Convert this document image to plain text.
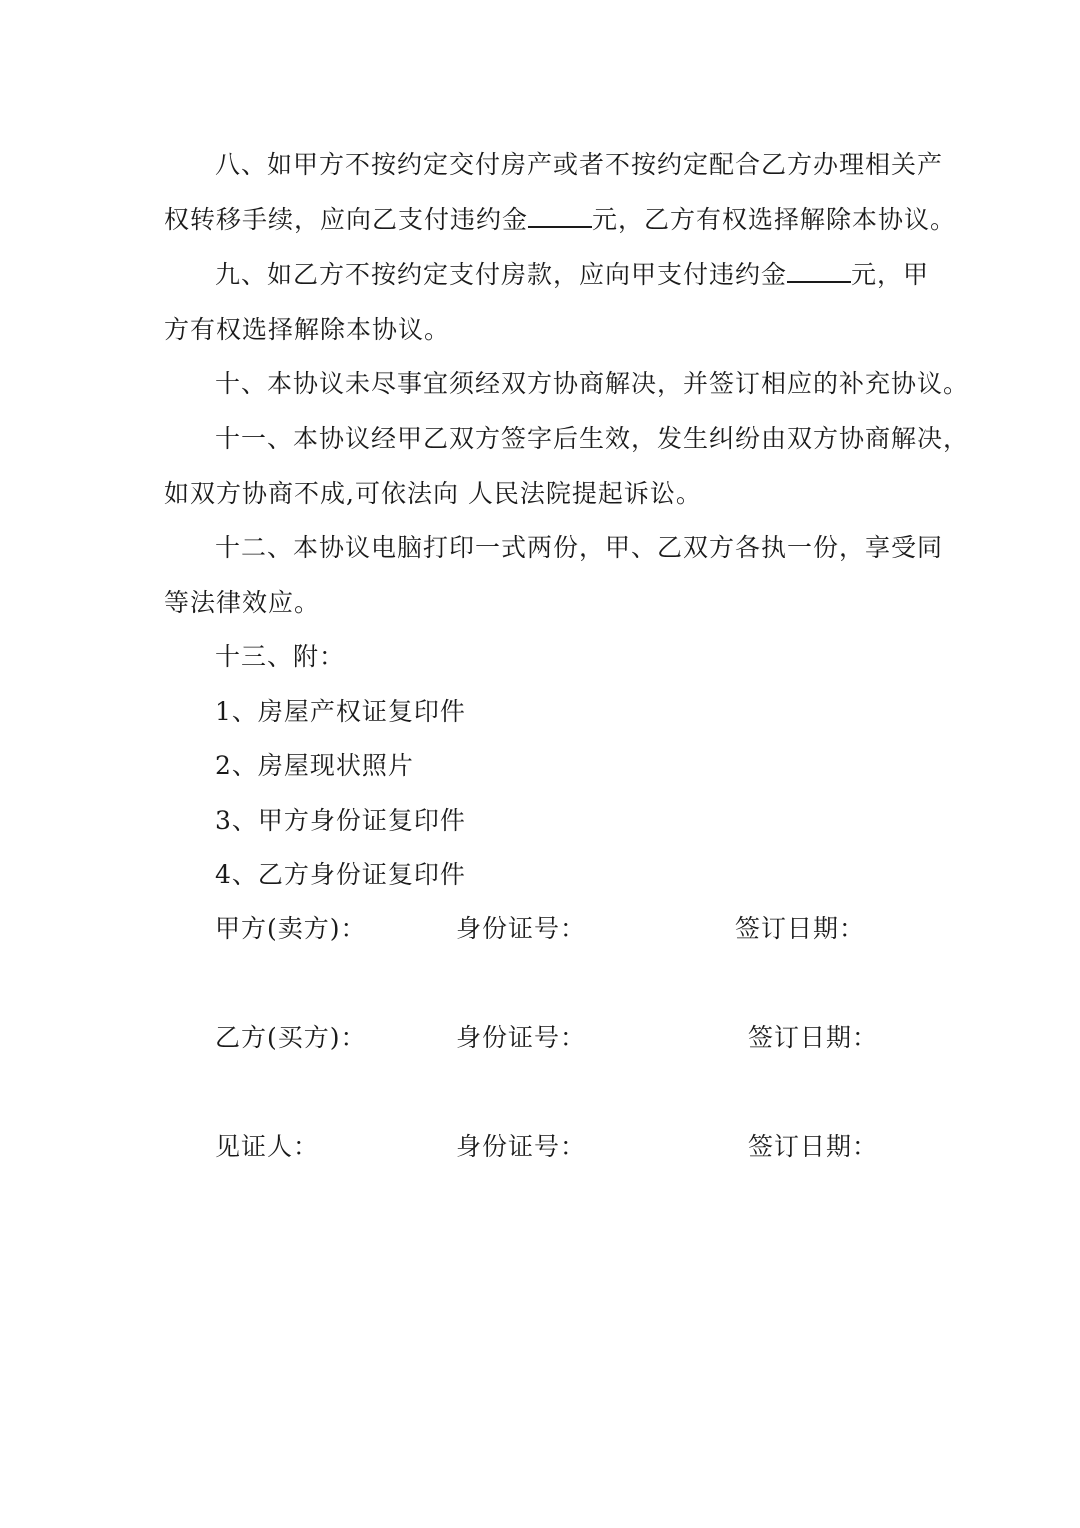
八、如甲方不按约定交付房产或者不按约定配合乙方办理相关产
权转移手续，应向乙支付违约金	元，乙方有权选择解除本协议。
九、如乙方不按约定支付房款，应向甲支付违约金	元，甲
方有权选择解除本协议。
十、本协议未尽事宜须经双方协商解决，并签订相应的补充协议。
十一、本协议经甲乙双方签字后生效，发生纠纷由双方协商解决，
如双方协商不成,可依法向 人民法院提起诉讼。
十二、本协议电脑打印一式两份，甲、乙双方各执一份，享受同
等法律效应。
十三、附：
1、房屋产权证复印件
2、房屋现状照片
3、甲方身份证复印件
4、乙方身份证复印件
甲方(卖方)：	身份证号：	签订日期：
乙方(买方)：	身份证号：	签订日期：
见证人：	身份证号：	签订日期：
